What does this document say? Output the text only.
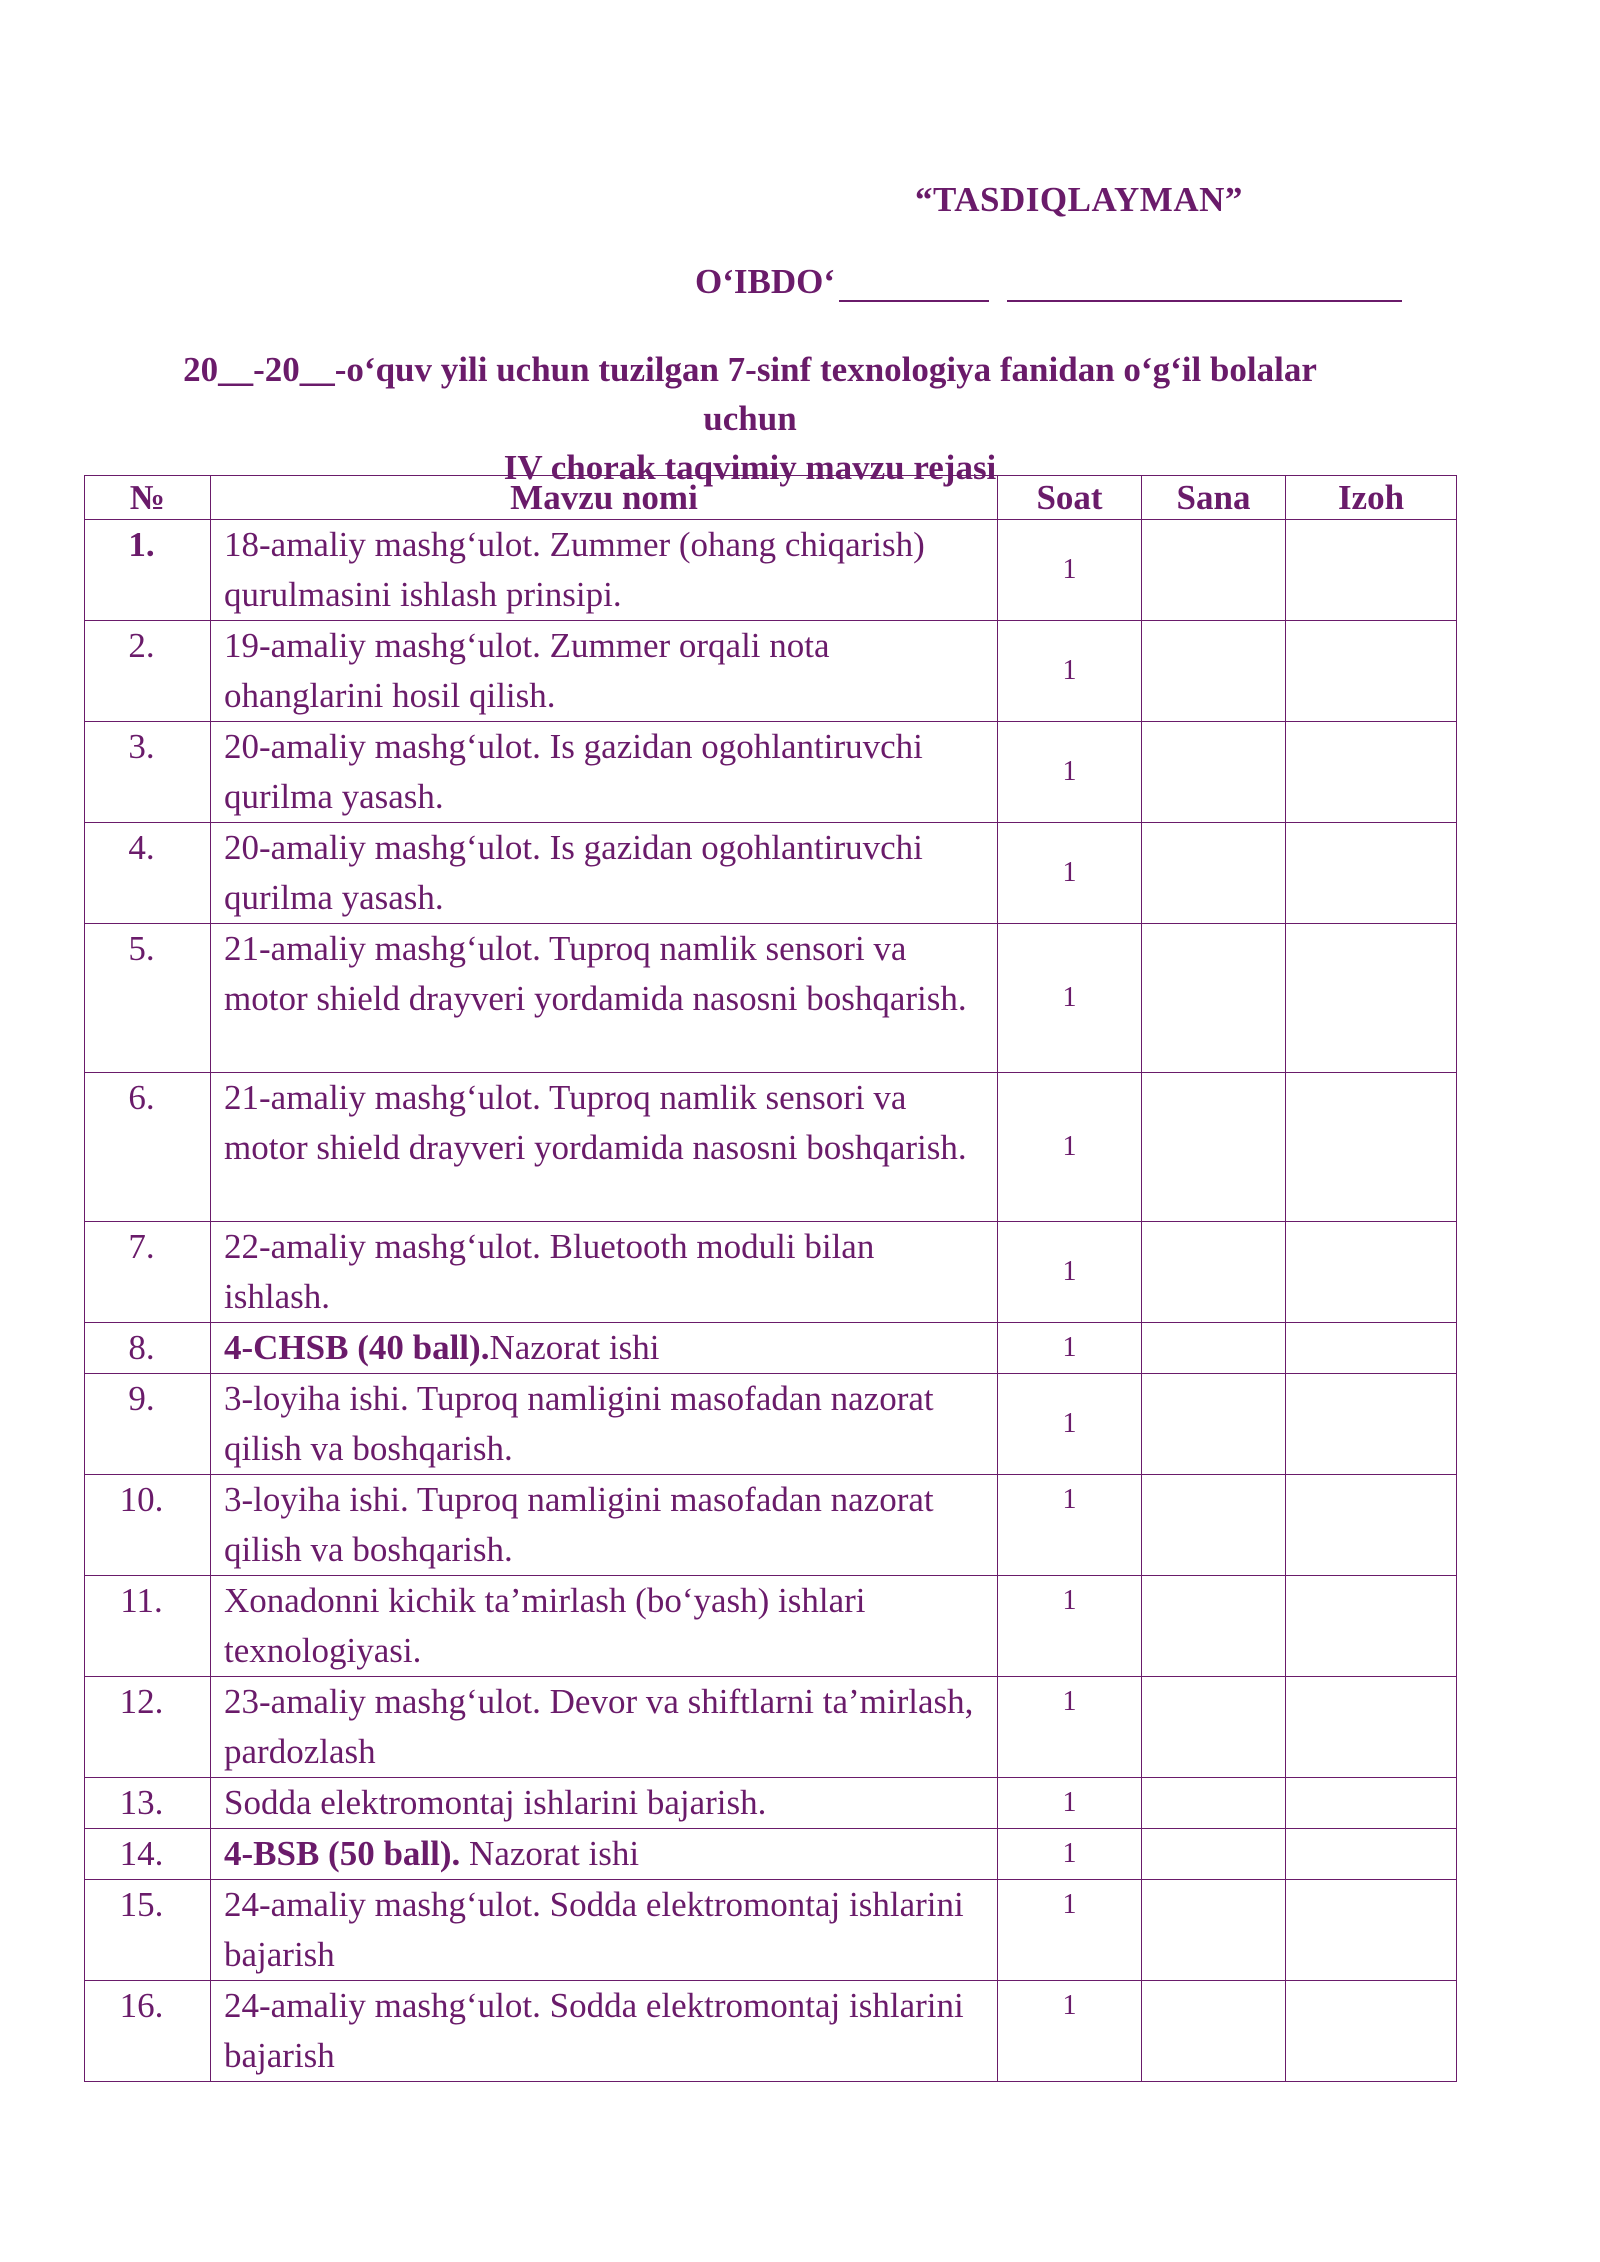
“TASDIQLAYMAN”
O‘IBDO‘
20__-20__-o‘quv yili uchun tuzilgan 7-sinf texnologiya fanidan o‘g‘il bolalar uchun
IV chorak taqvimiy mavzu rejasi
№	Mavzu nomi	Soat	Sana	Izoh
1.	18-amaliy mashg‘ulot. Zummer (ohang chiqarish) qurulmasini ishlash prinsipi.	1		
2.	19-amaliy mashg‘ulot. Zummer orqali nota ohanglarini hosil qilish.	1		
3.	20-amaliy mashg‘ulot. Is gazidan ogohlantiruvchi qurilma yasash.	1		
4.	20-amaliy mashg‘ulot. Is gazidan ogohlantiruvchi qurilma yasash.	1		
5.	21-amaliy mashg‘ulot. Tuproq namlik sensori va motor shield drayveri yordamida nasosni boshqarish.	1		
6.	21-amaliy mashg‘ulot. Tuproq namlik sensori va motor shield drayveri yordamida nasosni boshqarish.	1		
7.	22-amaliy mashg‘ulot. Bluetooth moduli bilan ishlash.	1		
8.	4-CHSB (40 ball).Nazorat ishi	1		
9.	3-loyiha ishi. Tuproq namligini masofadan nazorat qilish va boshqarish.	1		
10.	3-loyiha ishi. Tuproq namligini masofadan nazorat qilish va boshqarish.	1		
11.	Xonadonni kichik ta’mirlash (bo‘yash) ishlari texnologiyasi.	1		
12.	23-amaliy mashg‘ulot. Devor va shiftlarni ta’mirlash, pardozlash	1		
13.	Sodda elektromontaj ishlarini bajarish.	1		
14.	4-BSB (50 ball). Nazorat ishi	1		
15.	24-amaliy mashg‘ulot. Sodda elektromontaj ishlarini bajarish	1		
16.	24-amaliy mashg‘ulot. Sodda elektromontaj ishlarini bajarish	1		
